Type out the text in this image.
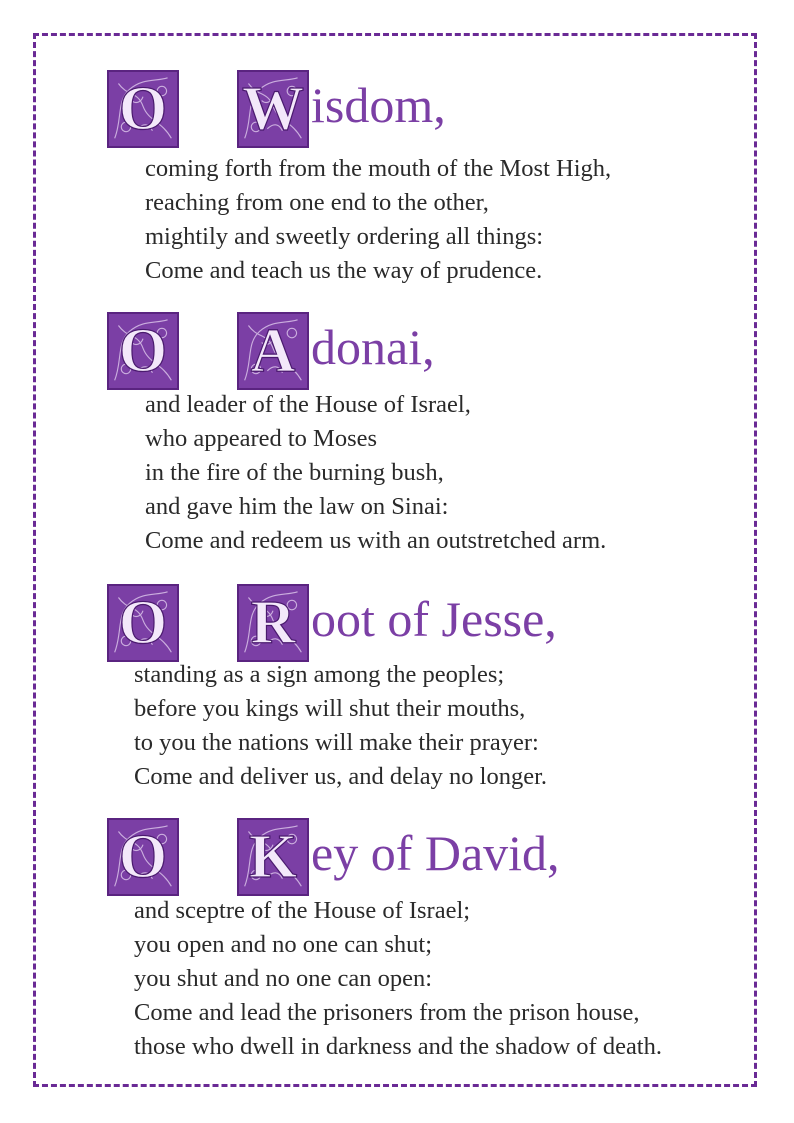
O W isdom,
coming forth from the mouth of the Most High,
reaching from one end to the other,
mightily and sweetly ordering all things:
Come and teach us the way of prudence.
O A donai,
and leader of the House of Israel,
who appeared to Moses
in the fire of the burning bush,
and gave him the law on Sinai:
Come and redeem us with an outstretched arm.
O R oot of Jesse,
standing as a sign among the peoples;
before you kings will shut their mouths,
to you the nations will make their prayer:
Come and deliver us, and delay no longer.
O K ey of David,
and sceptre of the House of Israel;
you open and no one can shut;
you shut and no one can open:
Come and lead the prisoners from the prison house,
those who dwell in darkness and the shadow of death.
